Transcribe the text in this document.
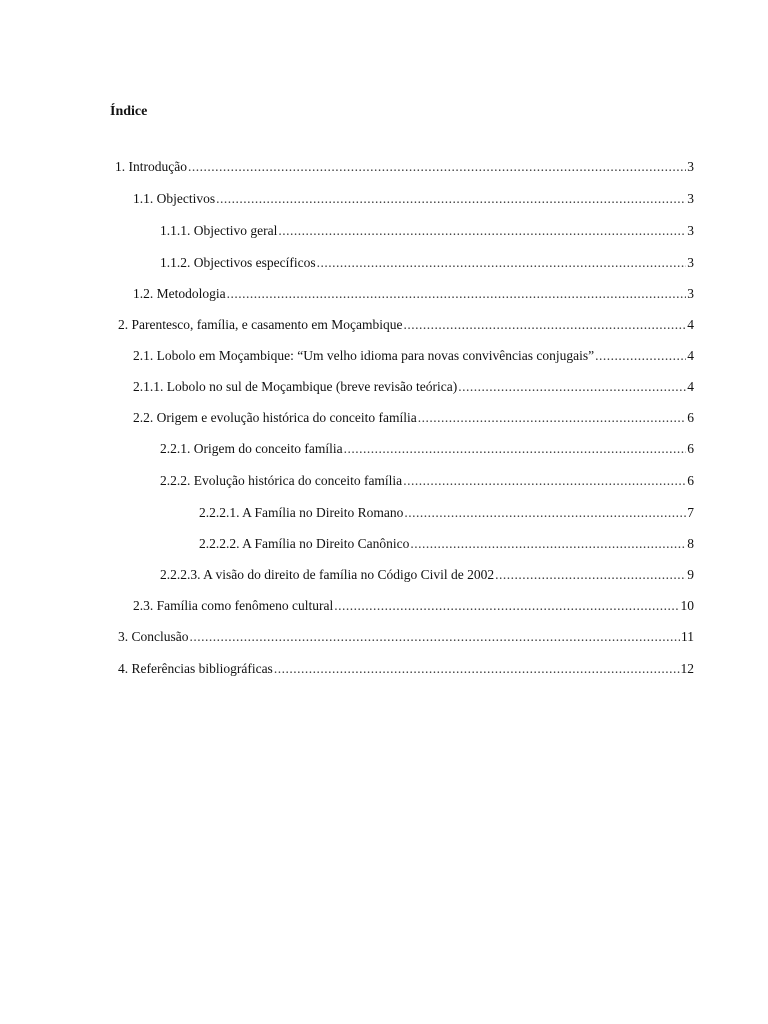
Índice
1. Introdução .....	3
1.1. Objectivos .....	3
1.1.1. Objectivo geral .....	3
1.1.2. Objectivos específicos .....	3
1.2. Metodologia .....	3
2. Parentesco, família, e casamento em Moçambique .....	4
2.1. Lobolo em Moçambique: “Um velho idioma para novas convivências conjugais” .....	4
2.1.1. Lobolo no sul de Moçambique (breve revisão teórica) .....	4
2.2. Origem e evolução histórica do conceito família .....	6
2.2.1. Origem do conceito família .....	6
2.2.2. Evolução histórica do conceito família .....	6
2.2.2.1. A Família no Direito Romano .....	7
2.2.2.2. A Família no Direito Canônico .....	8
2.2.2.3. A visão do direito de família no Código Civil de 2002 .....	9
2.3. Família como fenômeno cultural .....	10
3. Conclusão .....	11
4. Referências bibliográficas .....	12
